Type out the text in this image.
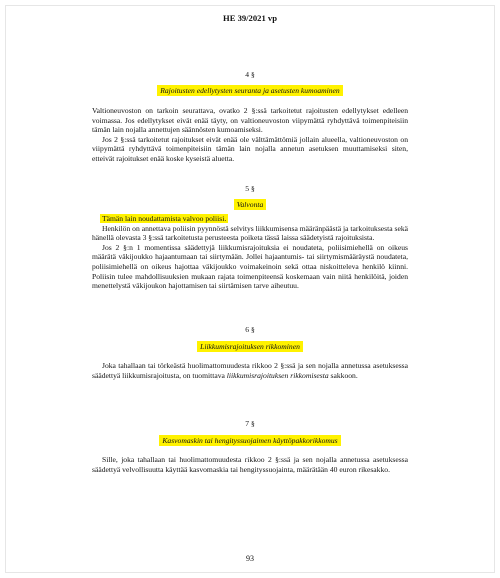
HE 39/2021 vp
4 §
Rajoitusten edellytysten seuranta ja asetusten kumoaminen

Valtioneuvoston on tarkoin seurattava, ovatko 2 §:ssä tarkoitetut rajoitusten edellytykset edelleen voimassa. Jos edellytykset eivät enää täyty, on valtioneuvoston viipymättä ryhdyttävä toimenpiteisiin tämän lain nojalla annettujen säännösten kumoamiseksi.

Jos 2 §:ssä tarkoitetut rajoitukset eivät enää ole välttämättömiä jollain alueella, valtioneuvoston on viipymättä ryhdyttävä toimenpiteisiin tämän lain nojalla annetun asetuksen muuttamiseksi siten, etteivät rajoitukset enää koske kyseistä aluetta.

5 §
Valvonta

Tämän lain noudattamista valvoo poliisi.

Henkilön on annettava poliisin pyynnöstä selvitys liikkumisensa määränpäästä ja tarkoituksesta sekä hänellä olevasta 3 §:ssä tarkoitetusta perusteesta poiketa tässä laissa säädetyistä rajoituksista.

Jos 2 §:n 1 momentissa säädettyjä liikkumisrajoituksia ei noudateta, poliisimiehellä on oikeus määrätä väkijoukko hajaantumaan tai siirtymään. Jollei hajaantumis- tai siirtymismääräystä noudateta, poliisimiehellä on oikeus hajottaa väkijoukko voimakeinoin sekä ottaa niskoitteleva henkilö kiinni. Poliisin tulee mahdollisuuksien mukaan rajata toimenpiteensä koskemaan vain niitä henkilöitä, joiden menettelystä väkijoukon hajottamisen tai siirtämisen tarve aiheutuu.

6 §
Liikkumisrajoituksen rikkominen

Joka tahallaan tai törkeästä huolimattomuudesta rikkoo 2 §:ssä ja sen nojalla annetussa asetuksessa säädettyä liikkumisrajoitusta, on tuomittava liikkumisrajoituksen rikkomisesta sakkoon.

7 §
Kasvomaskin tai hengityssuojaimen käyttöpakkorikkomus

Sille, joka tahallaan tai huolimattomuudesta rikkoo 2 §:ssä ja sen nojalla annetussa asetuksessa säädettyä velvollisuutta käyttää kasvomaskia tai hengityssuojainta, määrätään 40 euron rikesakko.

93
